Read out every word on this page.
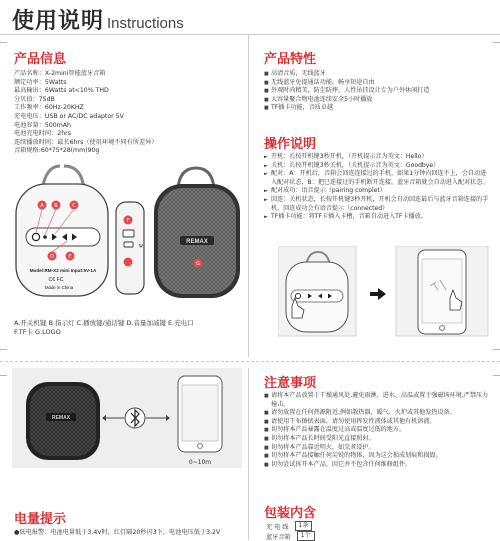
使用说明 Instructions
产品信息
产品名称：X-2mini智能蓝牙音箱
额定功率：5Watts
最高输出：6Watts at<10% THD
分贝值：75dB
工作频率：60Hz-20KHZ
充电电压：USB or AC/DC adaptor 5V
电池容量：500mAh
电池充电时间：2hrs
连续播放时间：最长6hrs（使用环境不同有所差异）
音箱规格:60*75*28(mm)90g
Model:RM-X2 mini Input:5V-1A
C€ FC
Made in China
A B	C
D	E
Ψ
F
REMAX
G
A.开关机键 B.指示灯 C.播放键/通话键 D.音量加减键 E.充电口
F.TF卡 G.LOGO
产品特性
■ 高清音质，无线蓝牙
■ 无线蓝牙免提通话功能，畅享短途自由
■ 外观时尚精美，防尘防摔，人性吊挂设计专为户外休闲打造
■ 大容量聚合物电池连续安全5小时播放
■ TF插卡功能，音质卓越
操作说明
► 开机：长按开机键3秒开机，（开机提示音为英文：Hello）
► 关机：长按开机键3秒关机，（关机提示音为英文：Goodbye）
► 配对：A：开机后，音箱会回连连接过的手机，如果1分钟内回连不上，会自动进入配对状态，B：把已连接过的手机断开连接，蓝牙音箱就会自动进入配对状态。
► 配对成功：语音提示（pairing complet）
► 回连：关机状态，长按开机键3秒开机，开机会自动回连最后与蓝牙音箱连接的手机，回连成功会有语音提示（connected）
► TF插卡功能：将TF卡插入卡槽，音箱自动进入TF卡播放。
REMAX
0~10m
注意事项
■ 请将本产品放置于干燥通风处,避免雨淋、进水、高温或置于强磁场环境,严禁压力撞击。
■ 请勿放置在任何热源附近,例如散热器、暖气、火炉或其他发热设备。
■ 请使用干布擦拭表面，请勿使用挥发性液体或其他有机溶液。
■ 切勿将本产品暴露在温度过高或温度过低的地方。
■ 切勿将本产品长时间受阳光直接照射。
■ 切勿将本产品靠近明火，如烹煮设护。
■ 切勿将本产品接触任何尖锐的物体，因为这会损成划痕和损毁。
■ 切勿尝试拆开本产品，因它并不包含任何维修组件。
电量提示
●低电报警：电池电量低于3.4V时，红灯隔20秒闪3下，电池电压低于3.2V
包装内含
充 电 线	1条
蓝牙音箱	1个
